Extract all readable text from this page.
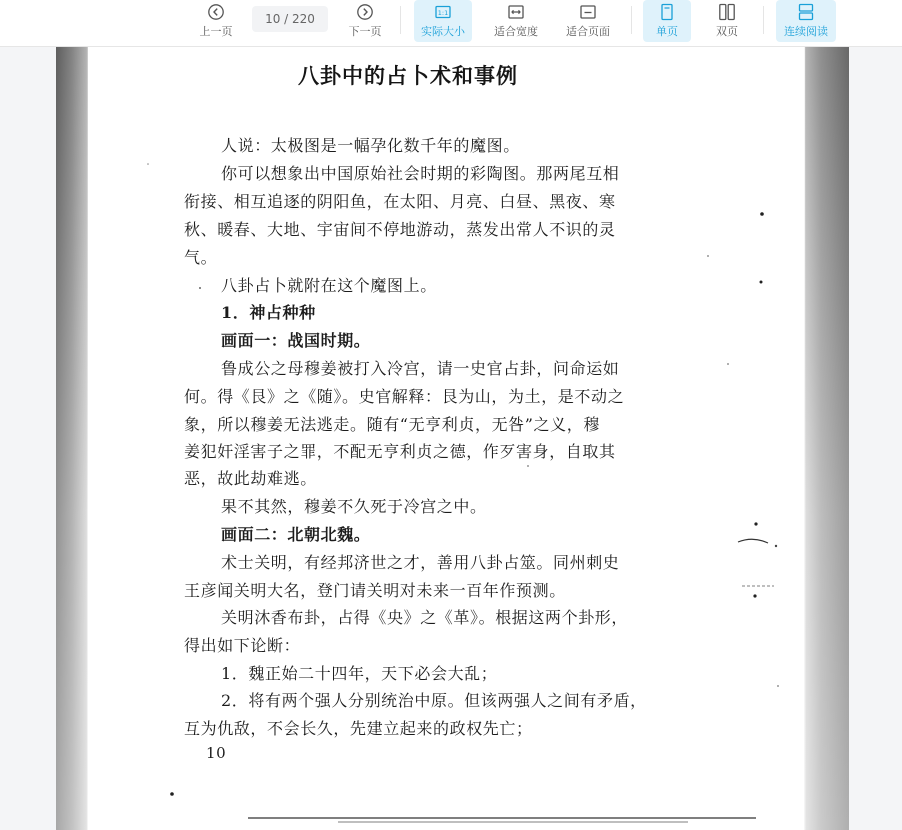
上一页
10 / 220
下一页
1:1
实际大小	适合宽度	适合页面	单页	双页	连续阅读
八卦中的占卜术和事例
人说：太极图是一幅孕化数千年的魔图。
你可以想象出中国原始社会时期的彩陶图。那两尾互相
衔接、相互追逐的阴阳鱼，在太阳、月亮、白昼、黑夜、寒
秋、暖春、大地、宇宙间不停地游动，蒸发出常人不识的灵
气。
八卦占卜就附在这个魔图上。
1．神占种种
画面一：战国时期。
鲁成公之母穆姜被打入冷宫，请一史官占卦，问命运如
何。得《艮》之《随》。史官解释：艮为山，为土，是不动之
象，所以穆姜无法逃走。随有“无亨利贞，无咎”之义，穆
姜犯奸淫害子之罪，不配无亨利贞之德，作歹害身，自取其
恶，故此劫难逃。
果不其然，穆姜不久死于冷宫之中。
画面二：北朝北魏。
术士关明，有经邦济世之才，善用八卦占筮。同州刺史
王彦闻关明大名，登门请关明对未来一百年作预测。
关明沐香布卦，占得《央》之《革》。根据这两个卦形，
得出如下论断：
1．魏正始二十四年，天下必会大乱；
2．将有两个强人分别统治中原。但该两强人之间有矛盾，
互为仇敌，不会长久，先建立起来的政权先亡；
10
